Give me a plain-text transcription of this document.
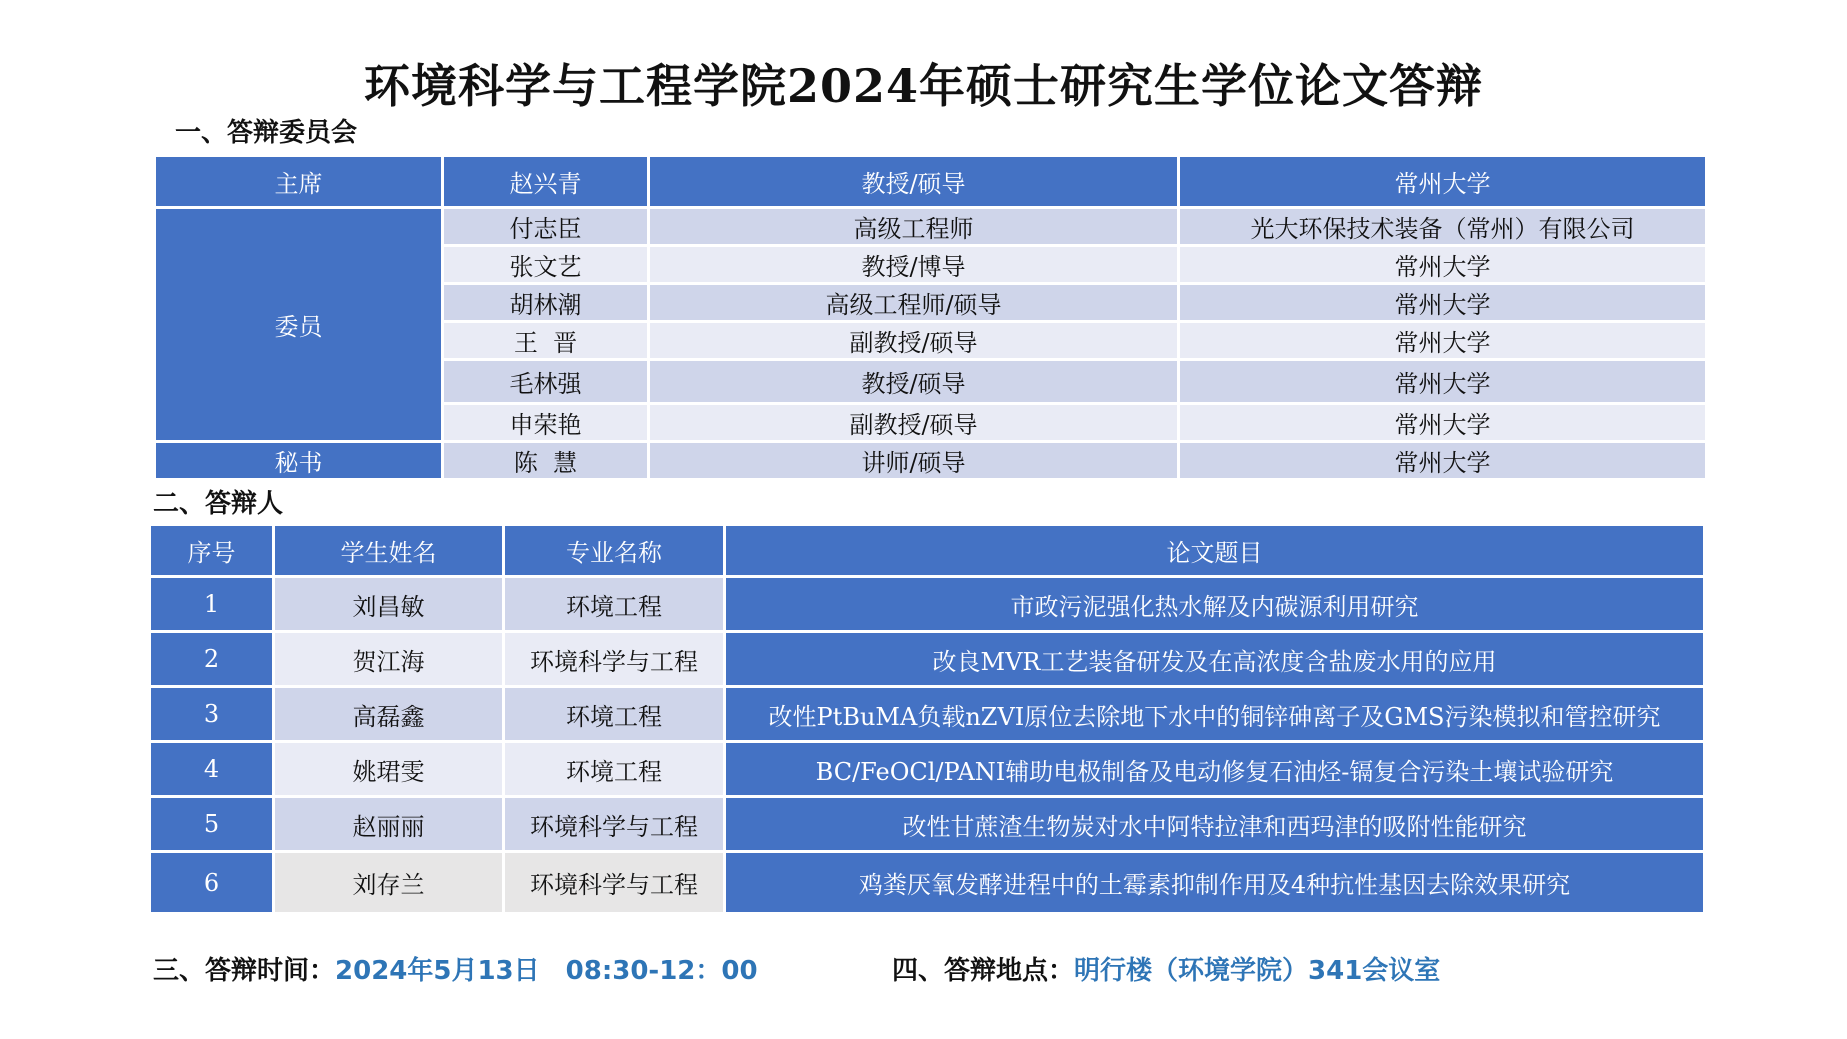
环境科学与工程学院2024年硕士研究生学位论文答辩
一、答辩委员会
主席	赵兴青	教授/硕导	常州大学
委员	付志臣	高级工程师	光大环保技术装备（常州）有限公司
	张文艺	教授/博导	常州大学
	胡林潮	高级工程师/硕导	常州大学
	王  晋	副教授/硕导	常州大学
	毛林强	教授/硕导	常州大学
	申荣艳	副教授/硕导	常州大学
秘书	陈  慧	讲师/硕导	常州大学
二、答辩人
序号	学生姓名	专业名称	论文题目
1	刘昌敏	环境工程	市政污泥强化热水解及内碳源利用研究
2	贺江海	环境科学与工程	改良MVR工艺装备研发及在高浓度含盐废水用的应用
3	高磊鑫	环境工程	改性PtBuMA负载nZVI原位去除地下水中的铜锌砷离子及GMS污染模拟和管控研究
4	姚珺雯	环境工程	BC/FeOCl/PANI辅助电极制备及电动修复石油烃-镉复合污染土壤试验研究
5	赵丽丽	环境科学与工程	改性甘蔗渣生物炭对水中阿特拉津和西玛津的吸附性能研究
6	刘存兰	环境科学与工程	鸡粪厌氧发酵进程中的土霉素抑制作用及4种抗性基因去除效果研究
三、答辩时间：2024年5月13日　08:30-12：00	四、答辩地点：明行楼（环境学院）341会议室
